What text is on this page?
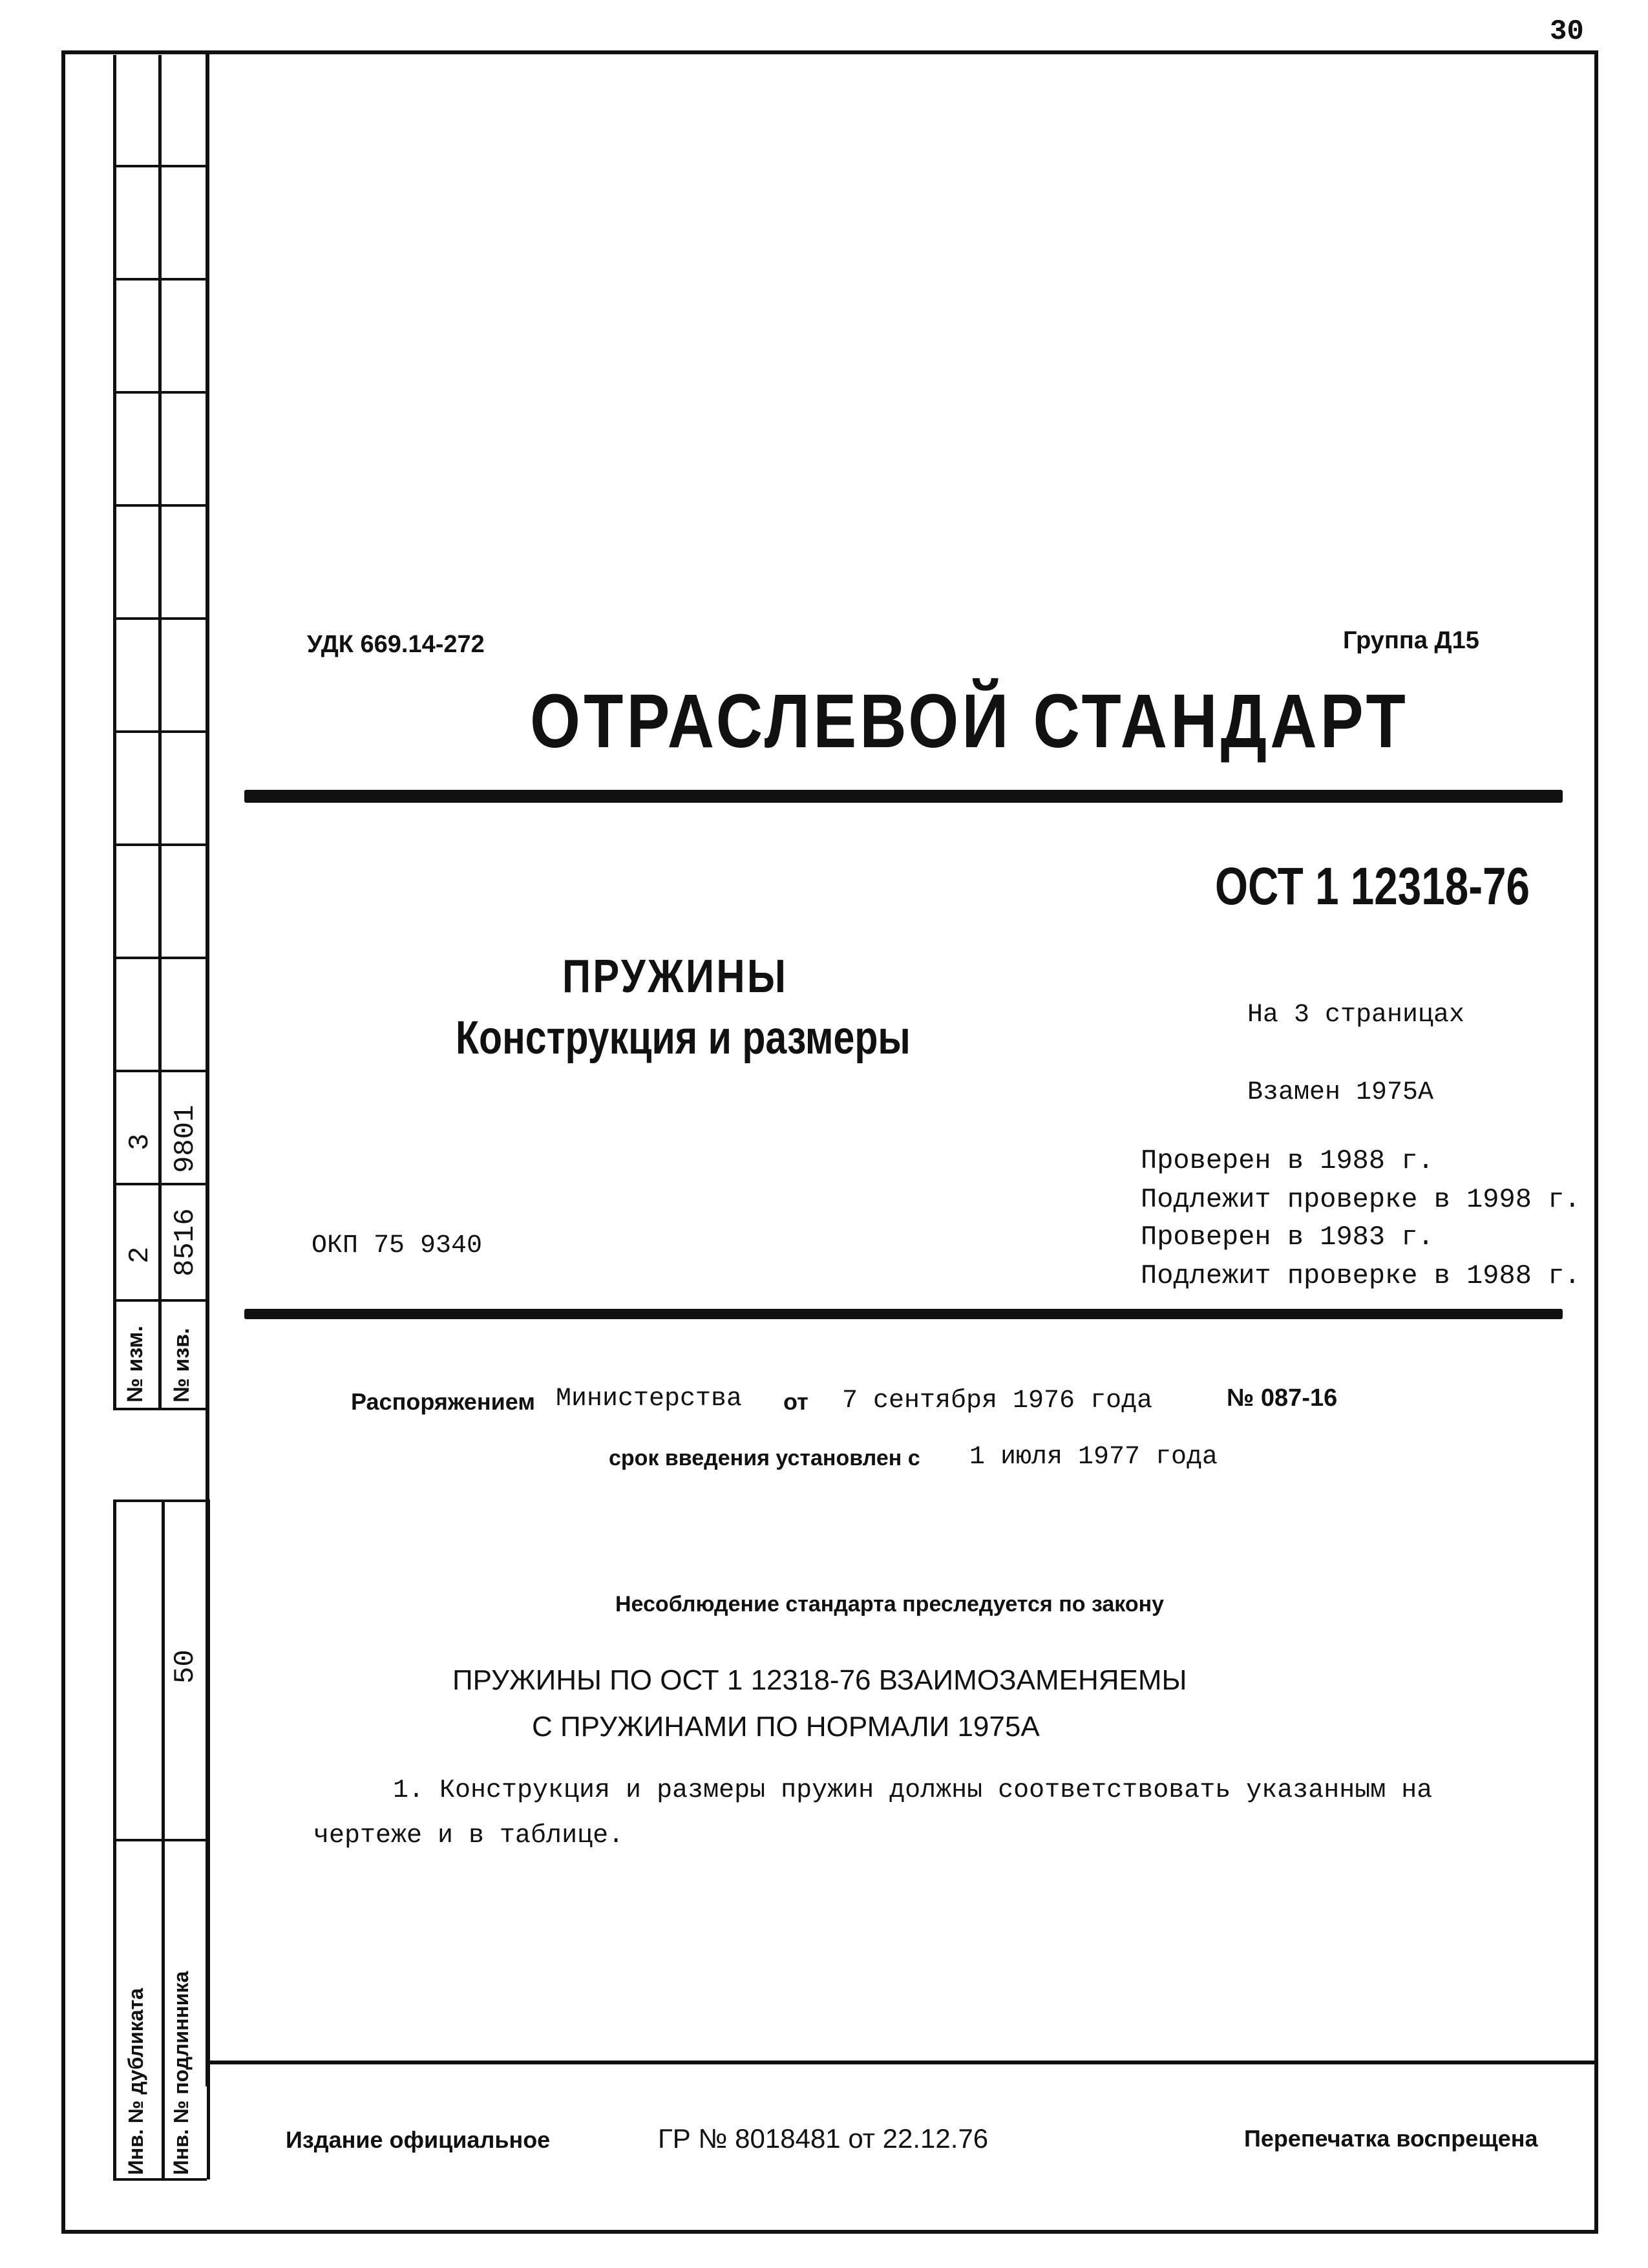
30
3 9801
2 8516
№ изм. № изв.
50
Инв. № дубликата Инв. № подлинника
УДК 669.14-272	Группа Д15
ОТРАСЛЕВОЙ СТАНДАРТ
ОСТ 1 12318-76
ПРУЖИНЫ
Конструкция и размеры	На 3 страницах
Взамен 1975А
Проверен в 1988 г.
Подлежит проверке в 1998 г.
Проверен в 1983 г.
Подлежит проверке в 1988 г.
ОКП 75 9340
Распоряжением Министерства от 7 сентября 1976 года	№ 087-16
срок введения установлен с 1 июля 1977 года
Несоблюдение стандарта преследуется по закону
ПРУЖИНЫ ПО ОСТ 1 12318-76 ВЗАИМОЗАМЕНЯЕМЫ
С ПРУЖИНАМИ ПО НОРМАЛИ 1975А
1. Конструкция и размеры пружин должны соответствовать указанным на
чертеже и в таблице.
Издание официальное	ГР № 8018481 от 22.12.76	Перепечатка воспрещена
